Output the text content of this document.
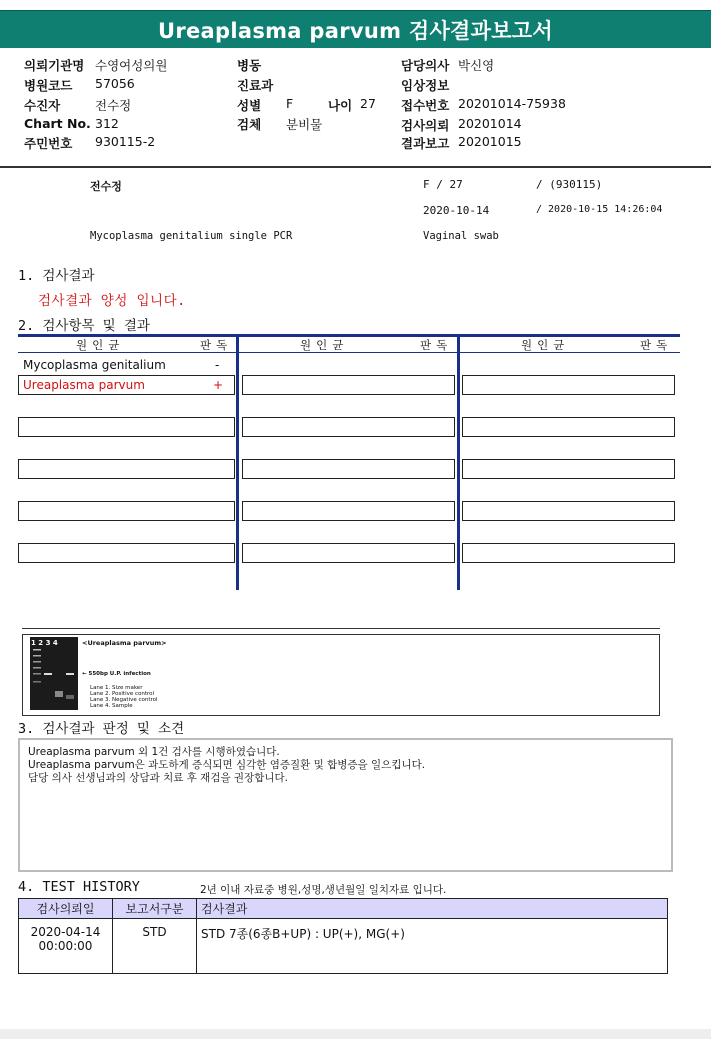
Ureaplasma parvum 검사결과보고서
의뢰기관명 수영여성의원
병원코드 57056
수진자	전수정
Chart No. 312
주민번호 930115-2
병동
진료과
성별 F	나이 27
검체 분비물
담당의사 박신영
임상정보
접수번호 20201014-75938
검사의뢰 20201014
결과보고 20201015
전수정	F / 27	/ (930115)
2020-10-14	/ 2020-10-15 14:26:04
Mycoplasma genitalium single PCR	Vaginal swab
1. 검사결과
검사결과 양성 입니다.
2. 검사항목 및 결과
원인균	판독	원인균	판독	원인균	판독
Mycoplasma genitalium	-
Ureaplasma parvum	+
1 2 3 4	<Ureaplasma parvum>
← 550bp U.P. infection
Lane 1. Size maker
Lane 2. Positive control
Lane 3. Negative control
Lane 4. Sample
3. 검사결과 판정 및 소견

Ureaplasma parvum 외 1건 검사를 시행하였습니다.

Ureaplasma parvum은 과도하게 증식되면 심각한 염증질환 및 합병증을 일으킵니다.

담당 의사 선생님과의 상담과 치료 후 재검을 권장합니다.

4. TEST HISTORY	2년 이내 자료중 병원,성명,생년월일 일치자료 입니다.
검사의뢰일	보고서구분	검사결과

2020-04-14
00:00:00	STD	STD 7종(6종B+UP) : UP(+), MG(+)
